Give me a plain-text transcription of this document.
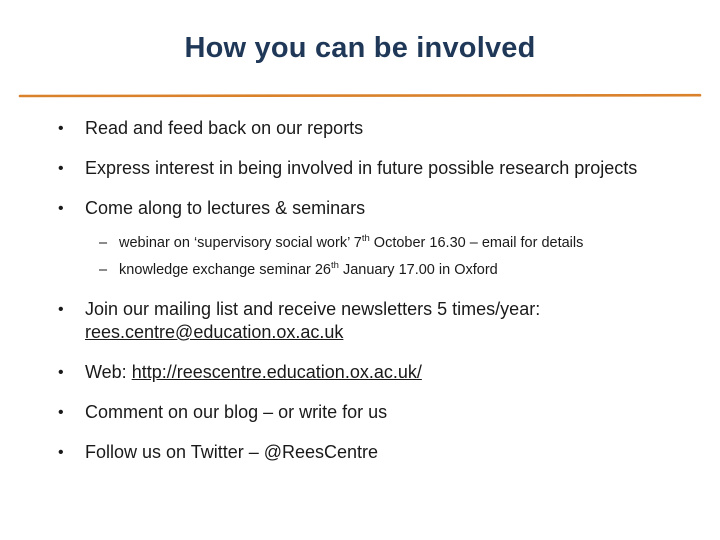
How you can be involved
• Read and feed back on our reports
• Express interest in being involved in future possible research projects
• Come along to lectures & seminars
– webinar on ‘supervisory social work’ 7th October 16.30 – email for details
– knowledge exchange seminar 26th January 17.00 in Oxford
• Join our mailing list and receive newsletters 5 times/year:
rees.centre@education.ox.ac.uk
• Web: http://reescentre.education.ox.ac.uk/
• Comment on our blog – or write for us
• Follow us on Twitter – @ReesCentre
